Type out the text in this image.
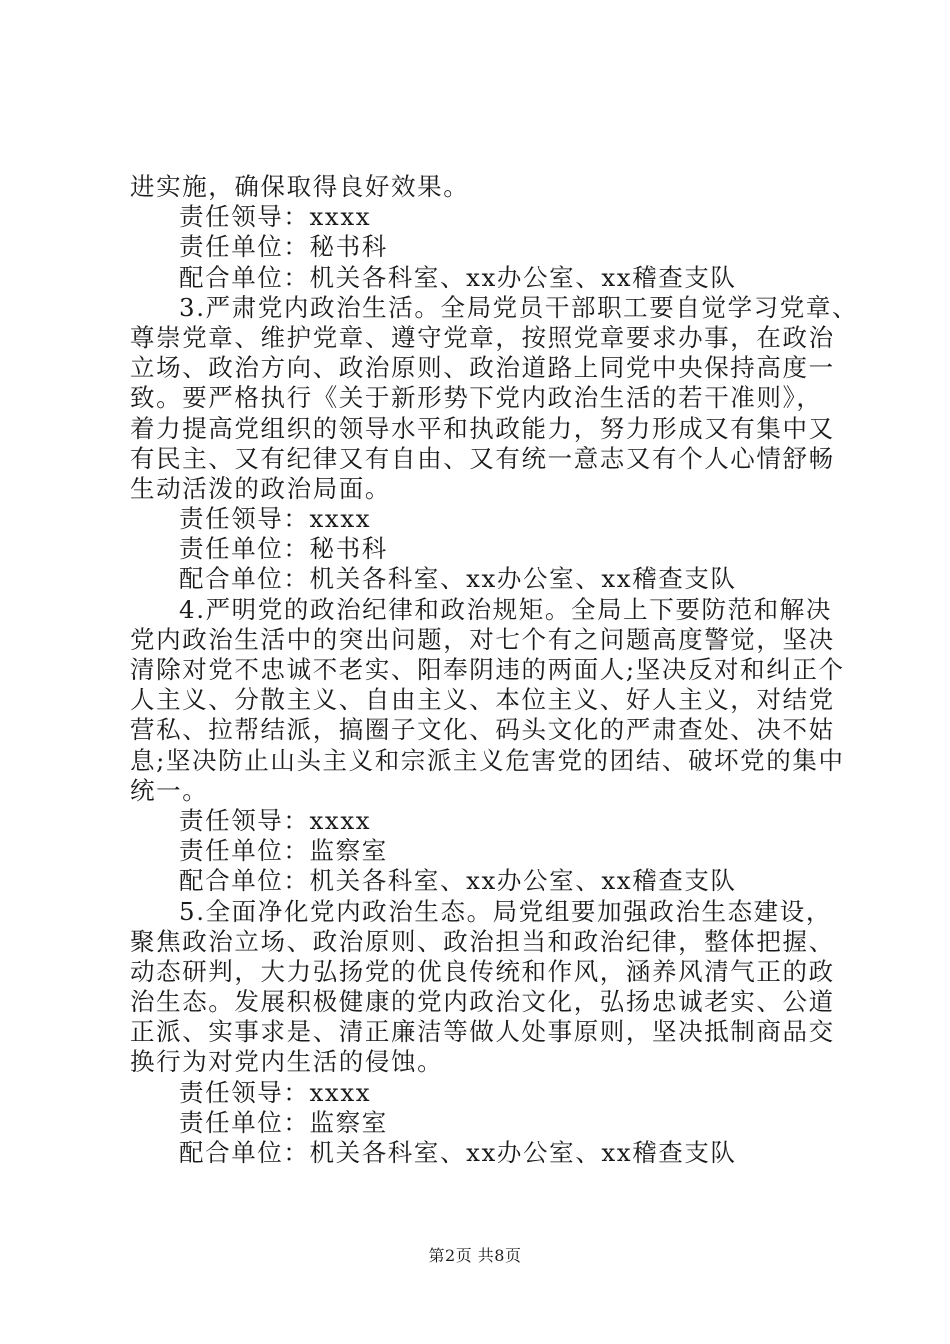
进实施，确保取得良好效果。
责任领导：xxxx
责任单位：秘书科
配合单位：机关各科室、xx办公室、xx稽查支队
3.严肃党内政治生活。全局党员干部职工要自觉学习党章、
尊崇党章、维护党章、遵守党章，按照党章要求办事，在政治
立场、政治方向、政治原则、政治道路上同党中央保持高度一
致。要严格执行《关于新形势下党内政治生活的若干准则》，
着力提高党组织的领导水平和执政能力，努力形成又有集中又
有民主、又有纪律又有自由、又有统一意志又有个人心情舒畅
生动活泼的政治局面。
责任领导：xxxx
责任单位：秘书科
配合单位：机关各科室、xx办公室、xx稽查支队
4.严明党的政治纪律和政治规矩。全局上下要防范和解决
党内政治生活中的突出问题，对七个有之问题高度警觉，坚决
清除对党不忠诚不老实、阳奉阴违的两面人;坚决反对和纠正个
人主义、分散主义、自由主义、本位主义、好人主义，对结党
营私、拉帮结派，搞圈子文化、码头文化的严肃查处、决不姑
息;坚决防止山头主义和宗派主义危害党的团结、破坏党的集中
统一。
责任领导：xxxx
责任单位：监察室
配合单位：机关各科室、xx办公室、xx稽查支队
5.全面净化党内政治生态。局党组要加强政治生态建设，
聚焦政治立场、政治原则、政治担当和政治纪律，整体把握、
动态研判，大力弘扬党的优良传统和作风，涵养风清气正的政
治生态。发展积极健康的党内政治文化，弘扬忠诚老实、公道
正派、实事求是、清正廉洁等做人处事原则，坚决抵制商品交
换行为对党内生活的侵蚀。
责任领导：xxxx
责任单位：监察室
配合单位：机关各科室、xx办公室、xx稽查支队
第2页 共8页
